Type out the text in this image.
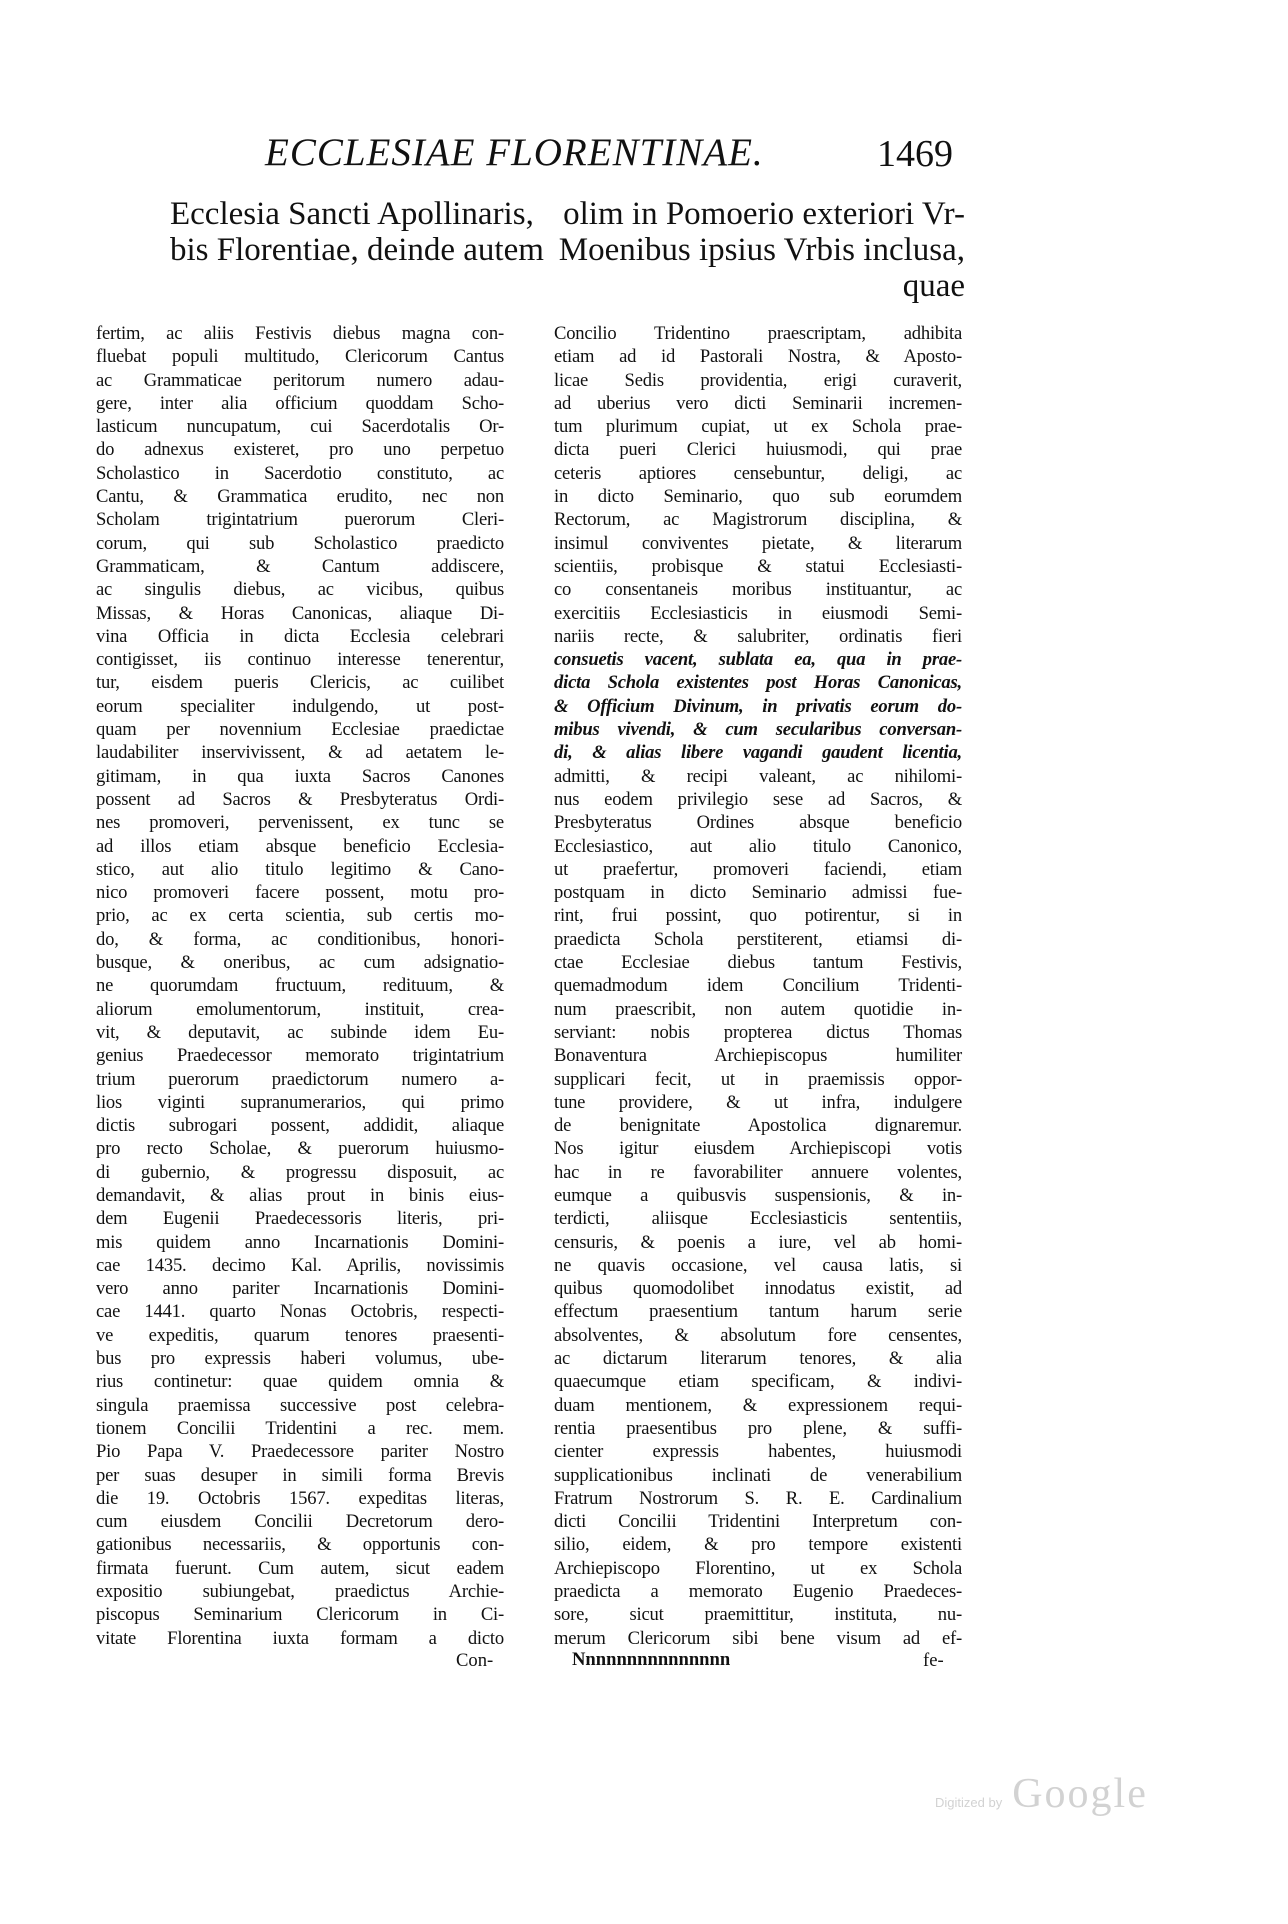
ECCLESIAE FLORENTINAE.	1469
Ecclesia Sancti Apollinaris, olim in Pomoerio exteriori Vr-
bis Florentiae, deinde autem Moenibus ipsius Vrbis inclusa,
quae
fertim, ac aliis Festivis diebus magna con-
fluebat populi multitudo, Clericorum Cantus
ac Grammaticae peritorum numero adau-
gere, inter alia officium quoddam Scho-
lasticum nuncupatum, cui Sacerdotalis Or-
do adnexus existeret, pro uno perpetuo
Scholastico in Sacerdotio constituto, ac
Cantu, & Grammatica erudito, nec non
Scholam trigintatrium puerorum Cleri-
corum, qui sub Scholastico praedicto
Grammaticam, & Cantum addiscere,
ac singulis diebus, ac vicibus, quibus
Missas, & Horas Canonicas, aliaque Di-
vina Officia in dicta Ecclesia celebrari
contigisset, iis continuo interesse tenerentur,
tur, eisdem pueris Clericis, ac cuilibet
eorum specialiter indulgendo, ut post-
quam per novennium Ecclesiae praedictae
laudabiliter inservivissent, & ad aetatem le-
gitimam, in qua iuxta Sacros Canones
possent ad Sacros & Presbyteratus Ordi-
nes promoveri, pervenissent, ex tunc se
ad illos etiam absque beneficio Ecclesia-
stico, aut alio titulo legitimo & Cano-
nico promoveri facere possent, motu pro-
prio, ac ex certa scientia, sub certis mo-
do, & forma, ac conditionibus, honori-
busque, & oneribus, ac cum adsignatio-
ne quorumdam fructuum, redituum, &
aliorum emolumentorum, instituit, crea-
vit, & deputavit, ac subinde idem Eu-
genius Praedecessor memorato trigintatrium
trium puerorum praedictorum numero a-
lios viginti supranumerarios, qui primo
dictis subrogari possent, addidit, aliaque
pro recto Scholae, & puerorum huiusmo-
di gubernio, & progressu disposuit, ac
demandavit, & alias prout in binis eius-
dem Eugenii Praedecessoris literis, pri-
mis quidem anno Incarnationis Domini-
cae 1435. decimo Kal. Aprilis, novissimis
vero anno pariter Incarnationis Domini-
cae 1441. quarto Nonas Octobris, respecti-
ve expeditis, quarum tenores praesenti-
bus pro expressis haberi volumus, ube-
rius continetur: quae quidem omnia &
singula praemissa successive post celebra-
tionem Concilii Tridentini a rec. mem.
Pio Papa V. Praedecessore pariter Nostro
per suas desuper in simili forma Brevis
die 19. Octobris 1567. expeditas literas,
cum eiusdem Concilii Decretorum dero-
gationibus necessariis, & opportunis con-
firmata fuerunt. Cum autem, sicut eadem
expositio subiungebat, praedictus Archie-
piscopus Seminarium Clericorum in Ci-
vitate Florentina iuxta formam a dicto
Concilio Tridentino praescriptam, adhibita
etiam ad id Pastorali Nostra, & Aposto-
licae Sedis providentia, erigi curaverit,
ad uberius vero dicti Seminarii incremen-
tum plurimum cupiat, ut ex Schola prae-
dicta pueri Clerici huiusmodi, qui prae
ceteris aptiores censebuntur, deligi, ac
in dicto Seminario, quo sub eorumdem
Rectorum, ac Magistrorum disciplina, &
insimul conviventes pietate, & literarum
scientiis, probisque & statui Ecclesiasti-
co consentaneis moribus instituantur, ac
exercitiis Ecclesiasticis in eiusmodi Semi-
nariis recte, & salubriter, ordinatis fieri
consuetis vacent, sublata ea, qua in prae-
dicta Schola existentes post Horas Canonicas,
& Officium Divinum, in privatis eorum do-
mibus vivendi, & cum secularibus conversan-
di, & alias libere vagandi gaudent licentia,
admitti, & recipi valeant, ac nihilomi-
nus eodem privilegio sese ad Sacros, &
Presbyteratus Ordines absque beneficio
Ecclesiastico, aut alio titulo Canonico,
ut praefertur, promoveri faciendi, etiam
postquam in dicto Seminario admissi fue-
rint, frui possint, quo potirentur, si in
praedicta Schola perstiterent, etiamsi di-
ctae Ecclesiae diebus tantum Festivis,
quemadmodum idem Concilium Tridenti-
num praescribit, non autem quotidie in-
serviant: nobis propterea dictus Thomas
Bonaventura Archiepiscopus humiliter
supplicari fecit, ut in praemissis oppor-
tune providere, & ut infra, indulgere
de benignitate Apostolica dignaremur.
Nos igitur eiusdem Archiepiscopi votis
hac in re favorabiliter annuere volentes,
eumque a quibusvis suspensionis, & in-
terdicti, aliisque Ecclesiasticis sententiis,
censuris, & poenis a iure, vel ab homi-
ne quavis occasione, vel causa latis, si
quibus quomodolibet innodatus existit, ad
effectum praesentium tantum harum serie
absolventes, & absolutum fore censentes,
ac dictarum literarum tenores, & alia
quaecumque etiam specificam, & indivi-
duam mentionem, & expressionem requi-
rentia praesentibus pro plene, & suffi-
cienter expressis habentes, huiusmodi
supplicationibus inclinati de venerabilium
Fratrum Nostrorum S. R. E. Cardinalium
dicti Concilii Tridentini Interpretum con-
silio, eidem, & pro tempore existenti
Archiepiscopo Florentino, ut ex Schola
praedicta a memorato Eugenio Praedeces-
sore, sicut praemittitur, instituta, nu-
merum Clericorum sibi bene visum ad ef-
Con-	Nnnnnnnnnnnnnnn	fe-
Digitized by Google
